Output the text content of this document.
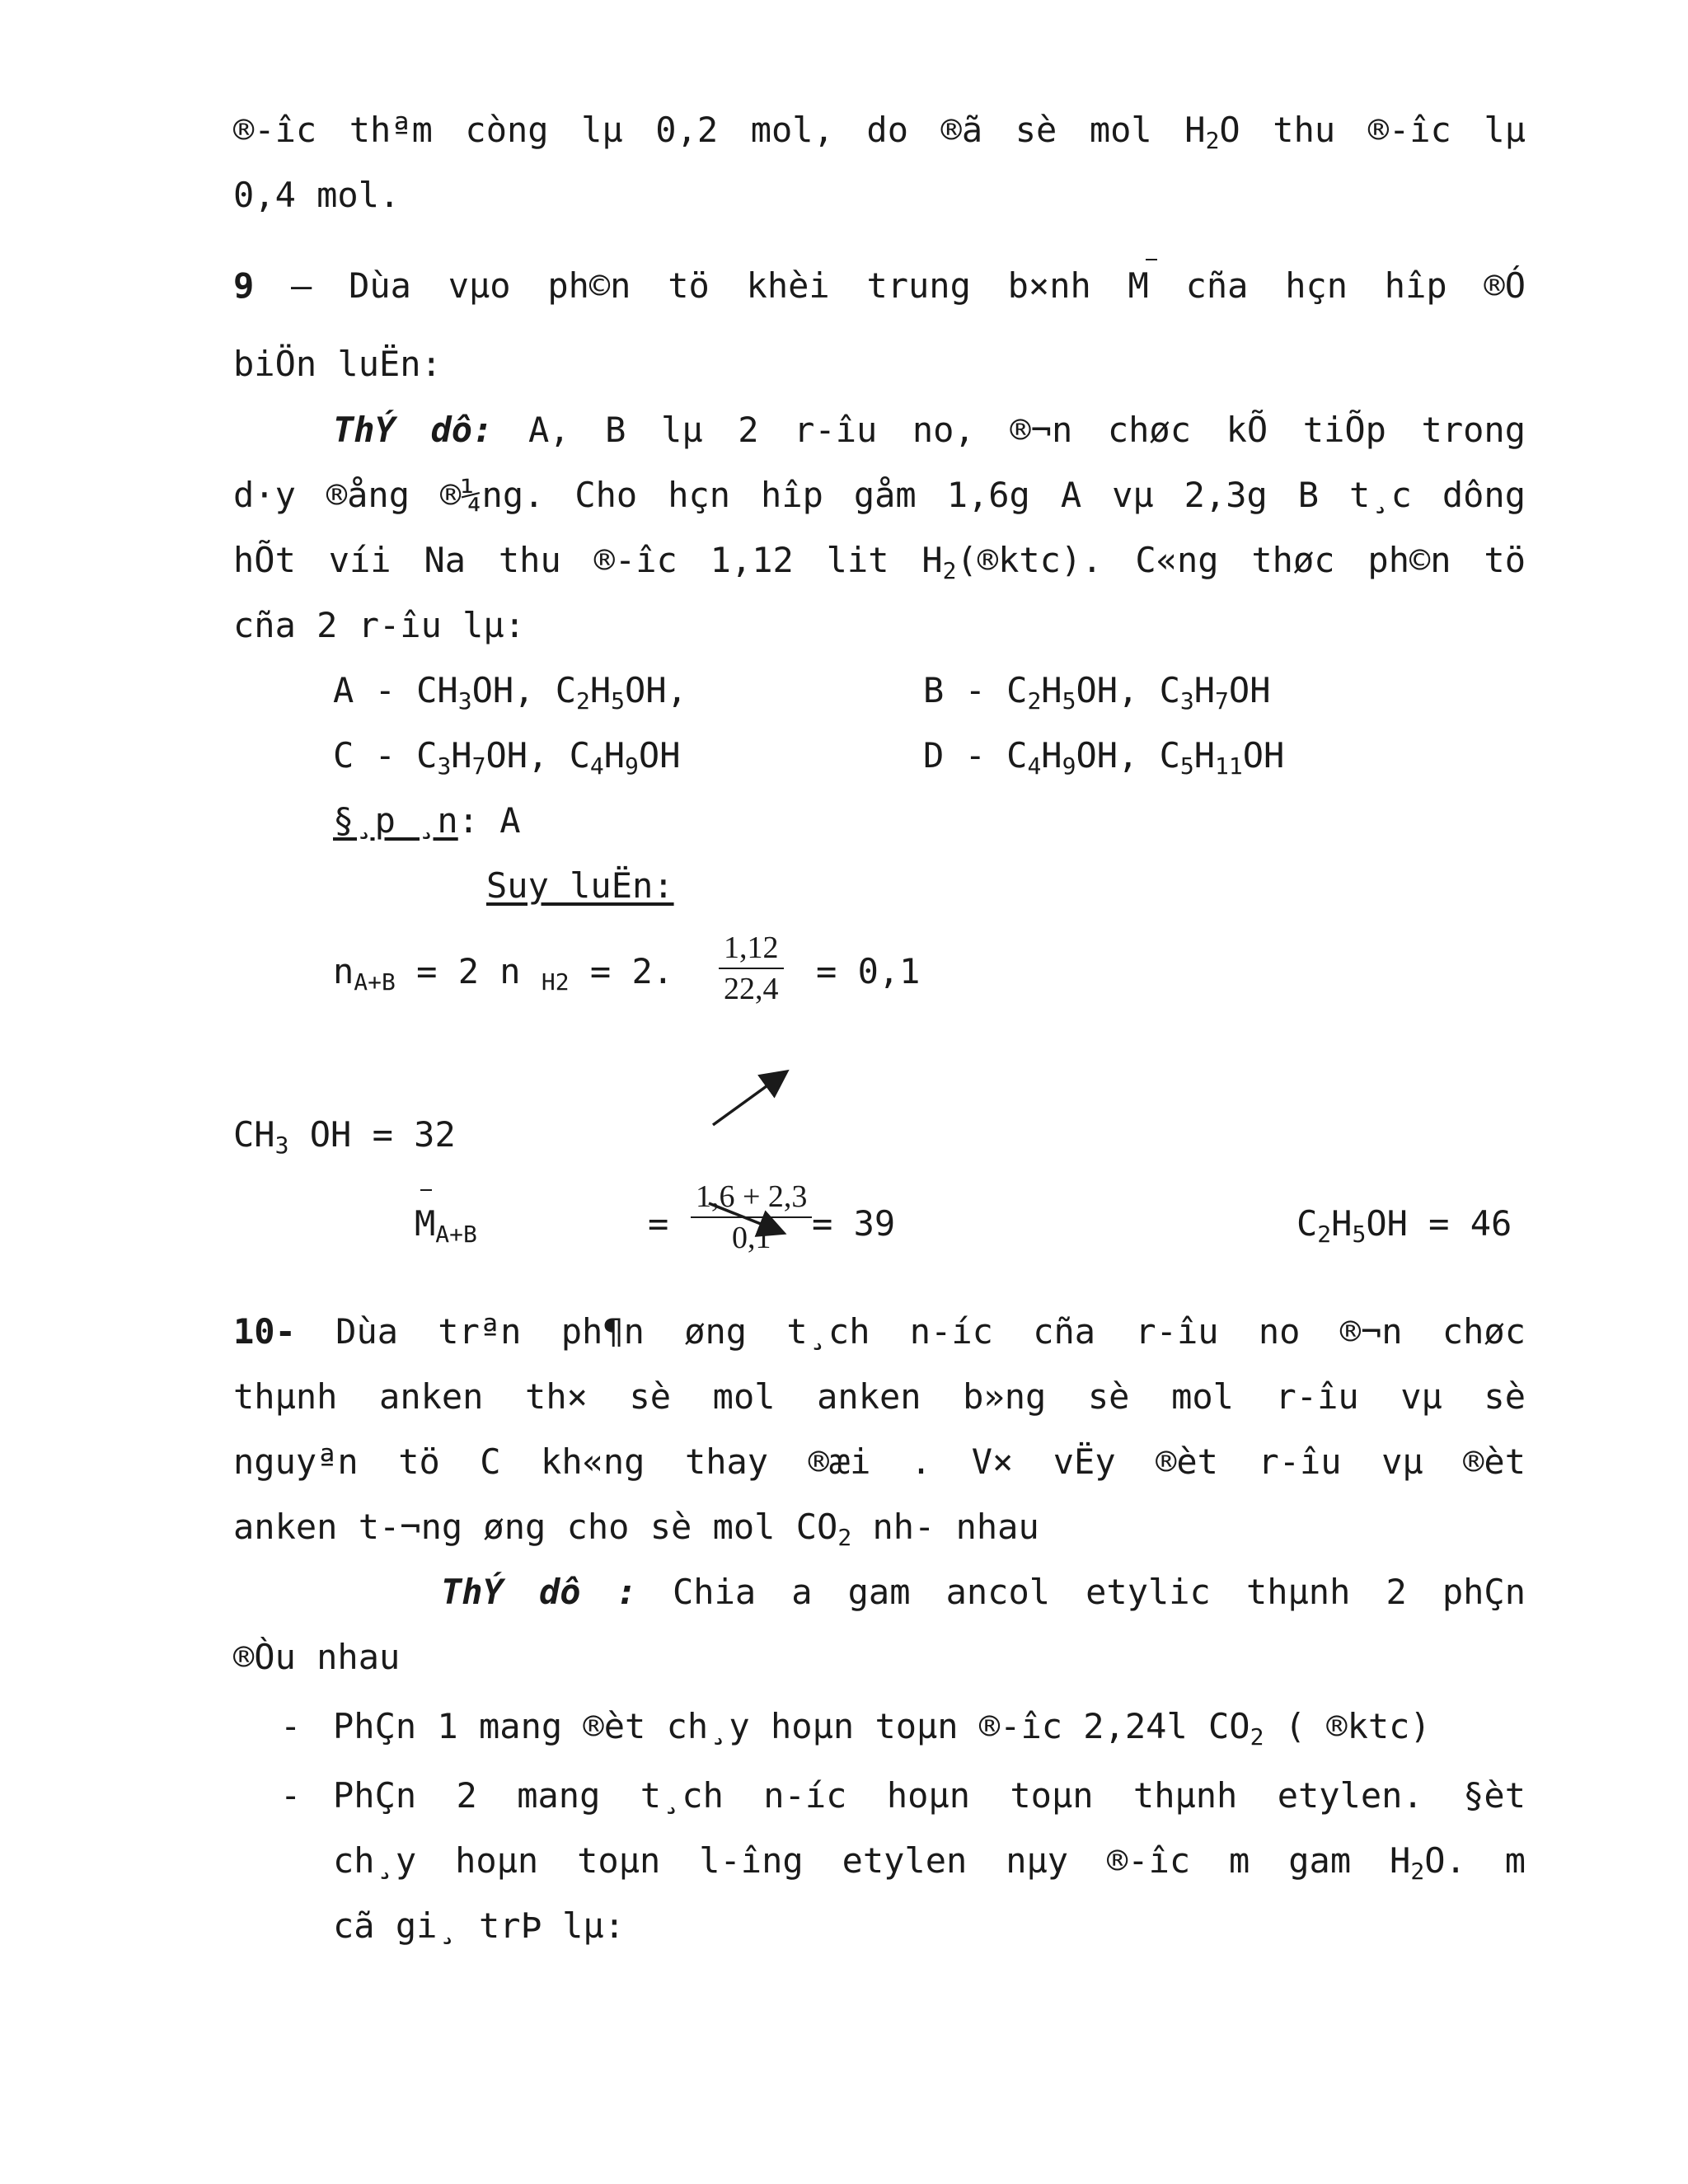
®-îc thªm còng lµ 0,2 mol, do ®ã sè mol $H_2O$ thu ®-îc lµ
0,4 mol.
9 – Dùa vµo ph©n tö khèi trung b×nh M cña hçn hîp ®Ó
biÖn luËn:
ThÝ dô: A, B lµ 2 r-îu no, ®¬n chøc kÕ tiÕp trong
d·y ®ång ®¼ng. Cho hçn hîp gåm 1,6g A vµ 2,3g B t¸c dông
hÕt víi Na thu ®-îc 1,12 lit $H_2(®ktc)$. C«ng thøc ph©n tö
cña 2 r-îu lµ:
A - $CH_3OH$, $C_2H_5OH$,	B - $C_2H_5OH$, $C_3H_7OH$
C - $C_3H_7OH$, $C_4H_9OH$	D - $C_4H_9OH$, $C_5H_{11}OH$
§¸p ¸n: A
Suy luËn:
$n_{A+B} = 2$ n $_{H2}$ = 2. $\frac{1,12}{22,4} = 0,1$
$CH_3$ OH = 32
$M_{A+B}$	= $\frac{1,6 + 2,3}{0,1} = 39$	$C_2H_5OH = 46$
10- Dùa trªn ph¶n øng t¸ch n-íc cña r-îu no ®¬n chøc
thµnh anken th× sè mol anken b»ng sè mol r-îu vµ sè
nguyªn tö C kh«ng thay ®æi . V× vËy ®èt r-îu vµ ®èt
anken t-¬ng øng cho sè mol $CO_2$ nh- nhau
ThÝ dô : Chia a gam ancol etylic thµnh 2 phÇn
®Òu nhau
- PhÇn 1 mang ®èt ch¸y hoµn toµn ®-îc 2,24l $CO_2$ ( ®ktc)
- PhÇn 2 mang t¸ch n-íc hoµn toµn thµnh etylen. §èt
ch¸y hoµn toµn l-îng etylen nµy ®-îc m gam $H_2O$. m
cã gi¸ trÞ lµ:
